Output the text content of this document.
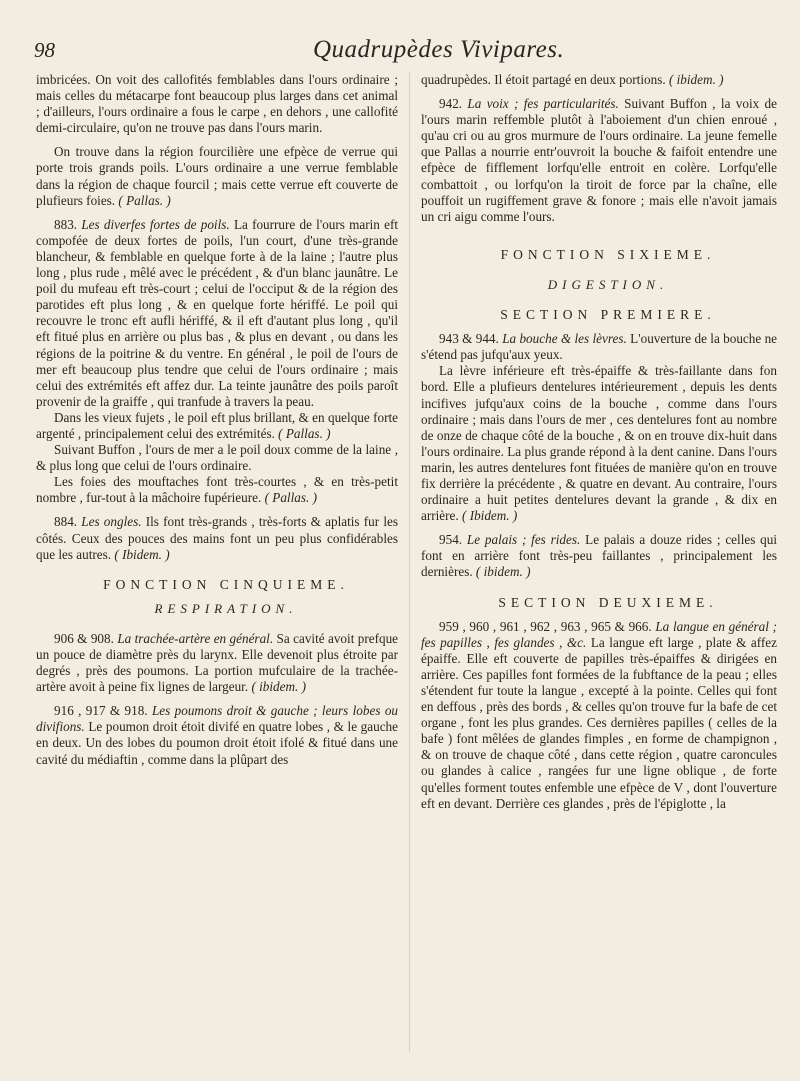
98	Quadrupèdes Vivipares.

imbricées. On voit des callofités femblables dans l'ours ordinaire ; mais celles du métacarpe font beaucoup plus larges dans cet animal ; d'ailleurs, l'ours ordinaire a fous le carpe , en dehors , une callofité demi-circulaire, qu'on ne trouve pas dans l'ours marin.

On trouve dans la région fourcilière une efpèce de verrue qui porte trois grands poils. L'ours ordinaire a une verrue femblable dans la région de chaque fourcil ; mais cette verrue eft couverte de plufieurs foies. ( Pallas. )

883. Les diverfes fortes de poils. La fourrure de l'ours marin eft compofée de deux fortes de poils, l'un court, d'une très-grande blancheur, & femblable en quelque forte à de la laine ; l'autre plus long , plus rude , mêlé avec le précédent , & d'un blanc jaunâtre. Le poil du mufeau eft très-court ; celui de l'occiput & de la région des parotides eft plus long , & en quelque forte hériffé. Le poil qui recouvre le tronc eft aufli hériffé, & il eft d'autant plus long , qu'il eft fitué plus en arrière ou plus bas , & plus en devant , ou dans les régions de la poitrine & du ventre. En général , le poil de l'ours de mer eft beaucoup plus tendre que celui de l'ours ordinaire ; mais celui des extrémités eft affez dur. La teinte jaunâtre des poils paroît provenir de la graiffe , qui tranfude à travers la peau.

Dans les vieux fujets , le poil eft plus brillant, & en quelque forte argenté , principalement celui des extrémités. ( Pallas. )

Suivant Buffon , l'ours de mer a le poil doux comme de la laine , & plus long que celui de l'ours ordinaire.

Les foies des mouftaches font très-courtes , & en très-petit nombre , fur-tout à la mâchoire fupérieure. ( Pallas. )

884. Les ongles. Ils font très-grands , très-forts & aplatis fur les côtés. Ceux des pouces des mains font un peu plus confidérables que les autres. ( Ibidem. )

FONCTION CINQUIEME.

RESPIRATION.

906 & 908. La trachée-artère en général. Sa cavité avoit prefque un pouce de diamètre près du larynx. Elle devenoit plus étroite par degrés , près des poumons. La portion mufculaire de la trachée-artère avoit à peine fix lignes de largeur. ( ibidem. )

916 , 917 & 918. Les poumons droit & gauche ; leurs lobes ou divifions. Le poumon droit étoit divifé en quatre lobes , & le gauche en deux. Un des lobes du poumon droit étoit ifolé & fitué dans une cavité du médiaftin , comme dans la plûpart des

quadrupèdes. Il étoit partagé en deux portions. ( ibidem. )

942. La voix ; fes particularités. Suivant Buffon , la voix de l'ours marin reffemble plutôt à l'aboiement d'un chien enroué , qu'au cri ou au gros murmure de l'ours ordinaire. La jeune femelle que Pallas a nourrie entr'ouvroit la bouche & faifoit entendre une efpèce de fifflement lorfqu'elle entroit en colère. Lorfqu'elle combattoit , ou lorfqu'on la tiroit de force par la chaîne, elle pouffoit un rugiffement grave & fonore ; mais elle n'avoit jamais un cri aigu comme l'ours.

FONCTION SIXIEME.

DIGESTION.

SECTION PREMIERE.

943 & 944. La bouche & les lèvres. L'ouverture de la bouche ne s'étend pas jufqu'aux yeux.

La lèvre inférieure eft très-épaiffe & très-faillante dans fon bord. Elle a plufieurs dentelures intérieurement , depuis les dents incifives jufqu'aux coins de la bouche , comme dans l'ours ordinaire ; mais dans l'ours de mer , ces dentelures font au nombre de onze de chaque côté de la bouche , & on en trouve dix-huit dans l'ours ordinaire. La plus grande répond à la dent canine. Dans l'ours marin, les autres dentelures font fituées de manière qu'on en trouve fix derrière la précédente , & quatre en devant. Au contraire, l'ours ordinaire a huit petites dentelures devant la grande , & dix en arrière. ( Ibidem. )

954. Le palais ; fes rides. Le palais a douze rides ; celles qui font en arrière font très-peu faillantes , principalement les dernières. ( ibidem. )

SECTION DEUXIEME.

959 , 960 , 961 , 962 , 963 , 965 & 966. La langue en général ; fes papilles , fes glandes , &c. La langue eft large , plate & affez épaiffe. Elle eft couverte de papilles très-épaiffes & dirigées en arrière. Ces papilles font formées de la fubftance de la peau ; elles s'étendent fur toute la langue , excepté à la pointe. Celles qui font en deffous , près des bords , & celles qu'on trouve fur la bafe de cet organe , font les plus grandes. Ces dernières papilles ( celles de la bafe ) font mêlées de glandes fimples , en forme de champignon , & on trouve de chaque côté , dans cette région , quatre caroncules ou glandes à calice , rangées fur une ligne oblique , de forte qu'elles forment toutes enfemble une efpèce de V , dont l'ouverture eft en devant. Derrière ces glandes , près de l'épiglotte , la
